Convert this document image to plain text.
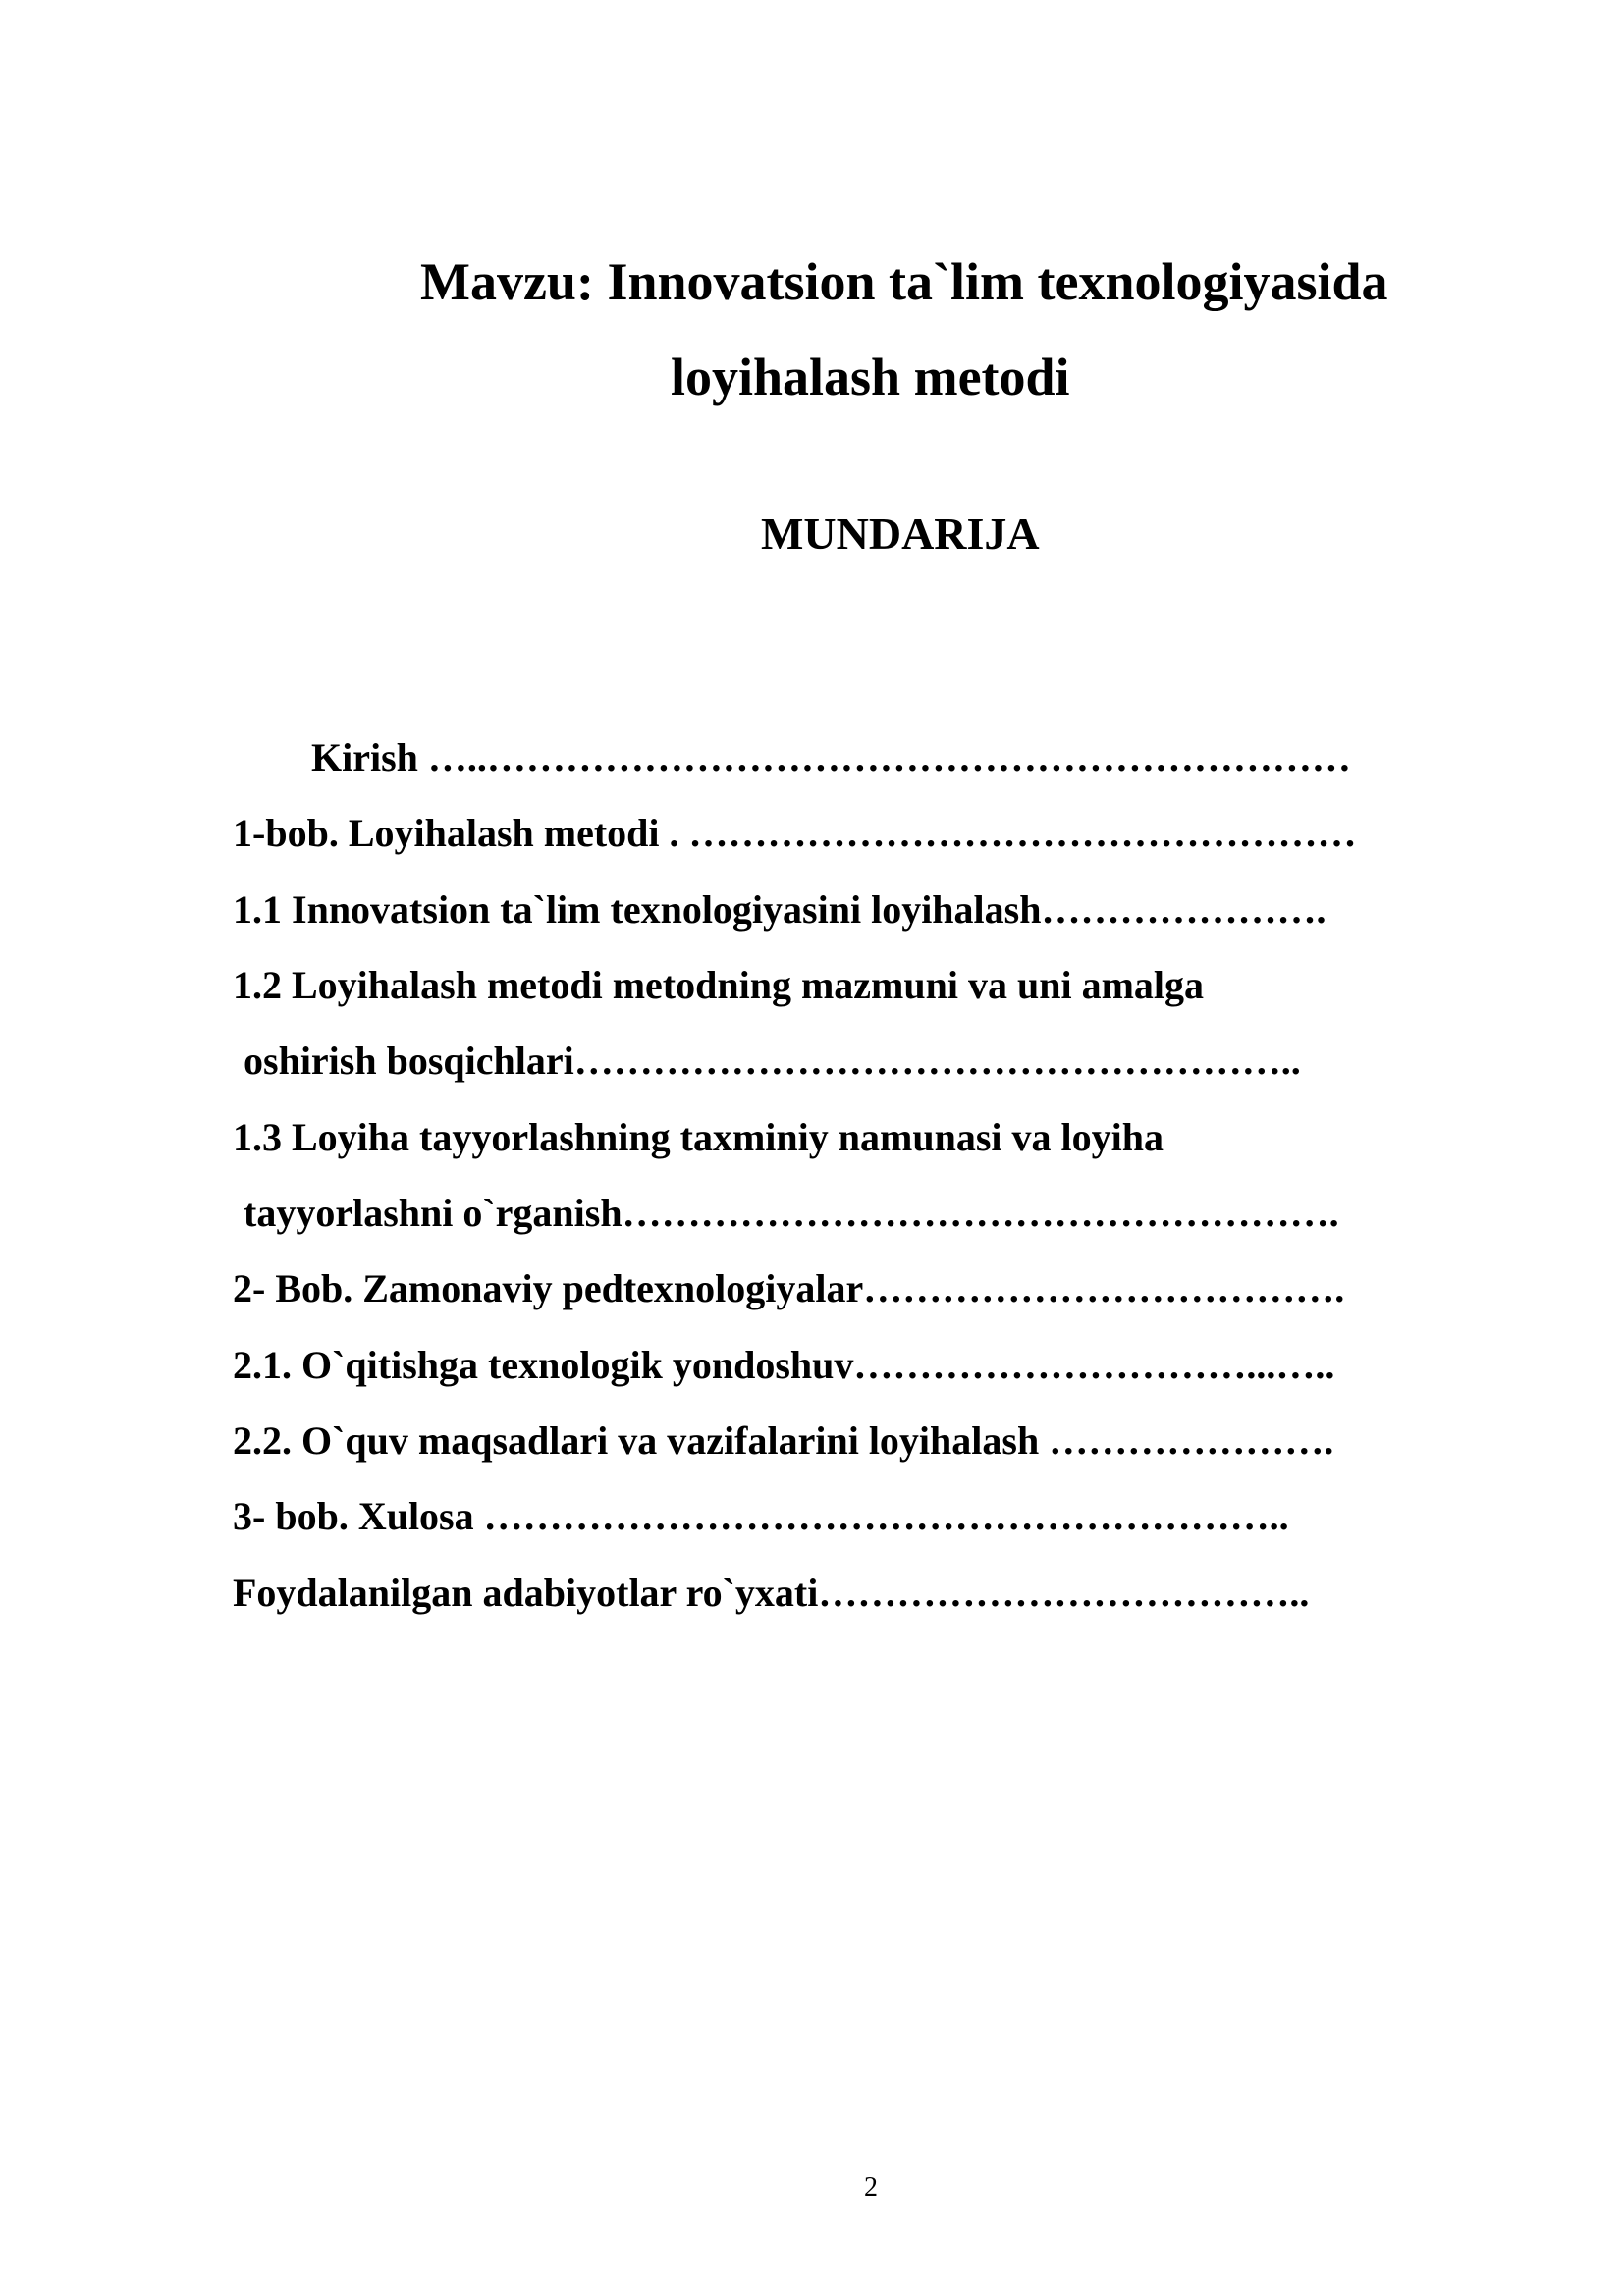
Mavzu: Innovatsion ta`lim texnologiyasida
loyihalash metodi
MUNDARIJA
Kirish …..…………………………………………………………
1-bob. Loyihalash metodi . ……………………………………………
1.1 Innovatsion ta`lim texnologiyasini loyihalash………………….
1.2 Loyihalash metodi metodning mazmuni va uni amalga
oshirish bosqichlari………………………………………………..
1.3 Loyiha tayyorlashning taxminiy namunasi va loyiha
tayyorlashni o`rganish……………………………………………….
2- Bob. Zamonaviy pedtexnologiyalar……………………………….
2.1. O`qitishga texnologik yondoshuv…………………………...…..
2.2. O`quv maqsadlari va vazifalarini loyihalash ………………….
3- bob. Xulosa ……………………………………………………..
Foydalanilgan adabiyotlar ro`yxati………………………………..
2
